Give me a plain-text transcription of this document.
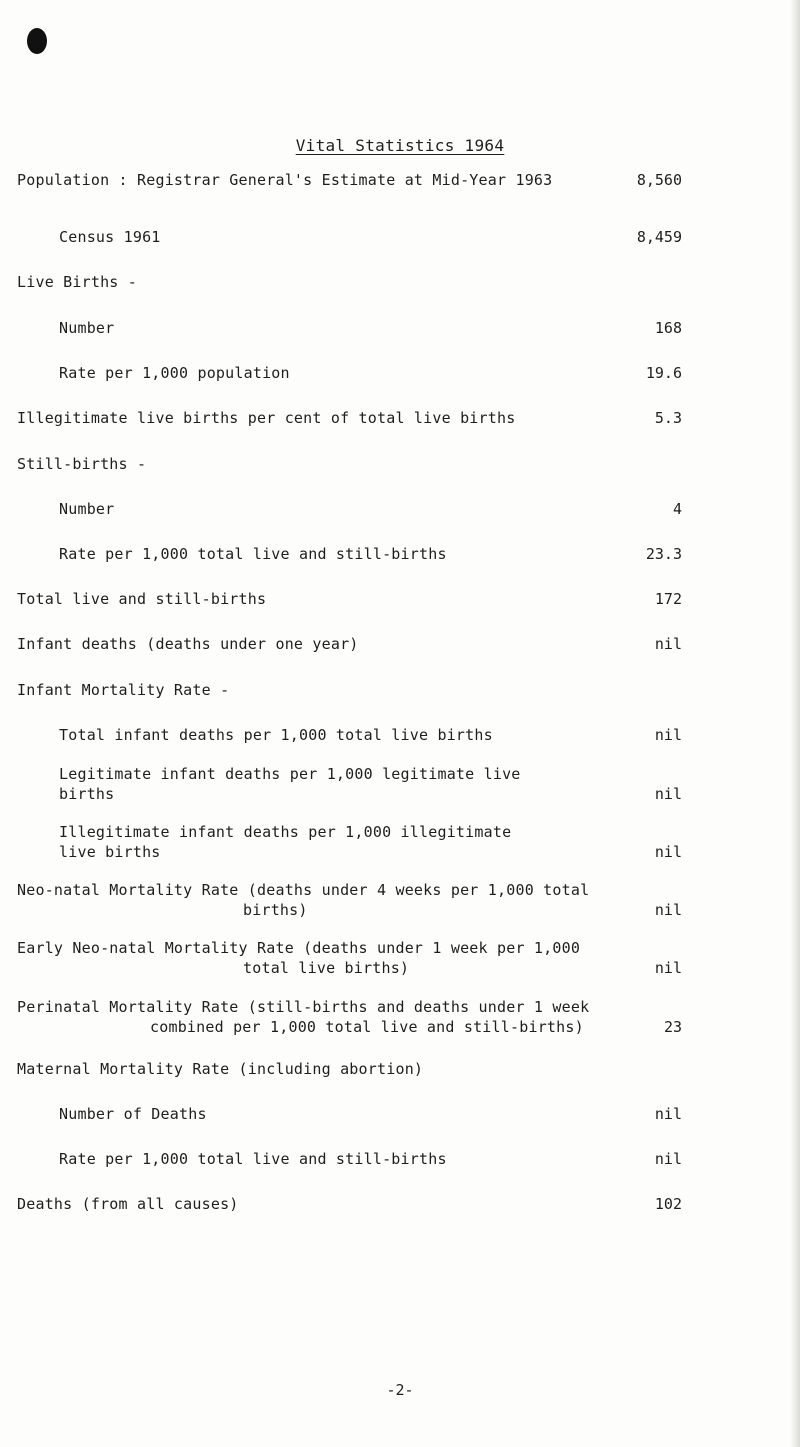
Vital Statistics 1964
Population : Registrar General's Estimate at Mid-Year 1963	8,560
Census 1961	8,459
Live Births -
Number	168
Rate per 1,000 population	19.6
Illegitimate live births per cent of total live births	5.3
Still-births -
Number	4
Rate per 1,000 total live and still-births	23.3
Total live and still-births	172
Infant deaths (deaths under one year)	nil
Infant Mortality Rate -
Total infant deaths per 1,000 total live births	nil
Legitimate infant deaths per 1,000 legitimate live
births	nil
Illegitimate infant deaths per 1,000 illegitimate
live births	nil
Neo-natal Mortality Rate (deaths under 4 weeks per 1,000 total
births)	nil
Early Neo-natal Mortality Rate (deaths under 1 week per 1,000
total live births)	nil
Perinatal Mortality Rate (still-births and deaths under 1 week
combined per 1,000 total live and still-births)	23
Maternal Mortality Rate (including abortion)
Number of Deaths	nil
Rate per 1,000 total live and still-births	nil
Deaths (from all causes)	102
-2-
